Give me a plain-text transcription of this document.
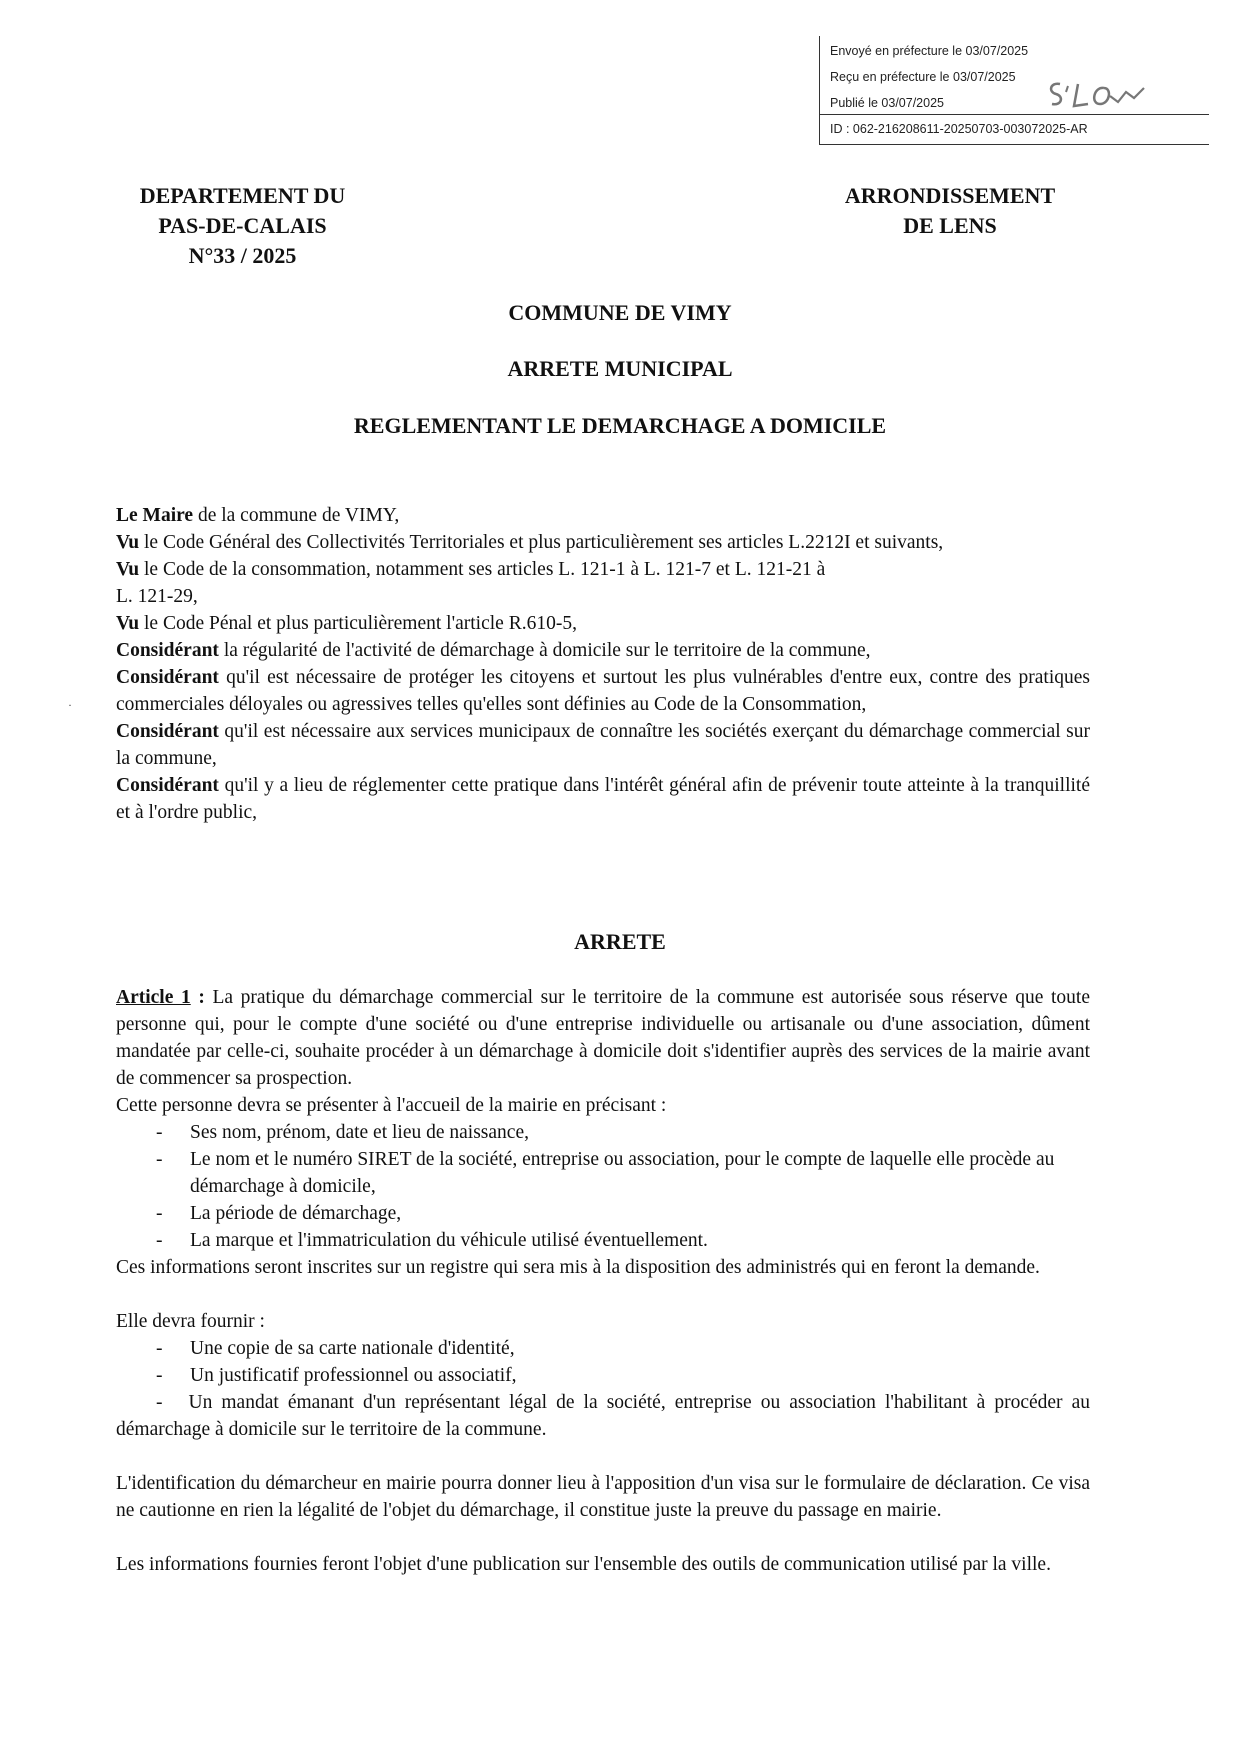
Envoyé en préfecture le 03/07/2025
Reçu en préfecture le 03/07/2025
Publié le 03/07/2025
ID : 062-216208611-20250703-003072025-AR
DEPARTEMENT DU
PAS-DE-CALAIS
N°33 / 2025
ARRONDISSEMENT
DE LENS
COMMUNE DE VIMY
ARRETE MUNICIPAL
REGLEMENTANT LE DEMARCHAGE A DOMICILE
·

Le Maire de la commune de VIMY,

Vu le Code Général des Collectivités Territoriales et plus particulièrement ses articles L.2212I et suivants,

Vu le Code de la consommation, notamment ses articles L. 121-1 à L. 121-7 et L. 121-21 à

L. 121-29,

Vu le Code Pénal et plus particulièrement l'article R.610-5,

Considérant la régularité de l'activité de démarchage à domicile sur le territoire de la commune,

Considérant qu'il est nécessaire de protéger les citoyens et surtout les plus vulnérables d'entre eux, contre des pratiques commerciales déloyales ou agressives telles qu'elles sont définies au Code de la Consommation,

Considérant qu'il est nécessaire aux services municipaux de connaître les sociétés exerçant du démarchage commercial sur la commune,

Considérant qu'il y a lieu de réglementer cette pratique dans l'intérêt général afin de prévenir toute atteinte à la tranquillité et à l'ordre public,

ARRETE

Article 1 : La pratique du démarchage commercial sur le territoire de la commune est autorisée sous réserve que toute personne qui, pour le compte d'une société ou d'une entreprise individuelle ou artisanale ou d'une association, dûment mandatée par celle-ci, souhaite procéder à un démarchage à domicile doit s'identifier auprès des services de la mairie avant de commencer sa prospection.

Cette personne devra se présenter à l'accueil de la mairie en précisant :

- Ses nom, prénom, date et lieu de naissance,
- Le nom et le numéro SIRET de la société, entreprise ou association, pour le compte de laquelle elle procède au démarchage à domicile,
- La période de démarchage,
- La marque et l'immatriculation du véhicule utilisé éventuellement.

Ces informations seront inscrites sur un registre qui sera mis à la disposition des administrés qui en feront la demande.

Elle devra fournir :

- Une copie de sa carte nationale d'identité,
- Un justificatif professionnel ou associatif,

- Un mandat émanant d'un représentant légal de la société, entreprise ou association l'habilitant à procéder au démarchage à domicile sur le territoire de la commune.

L'identification du démarcheur en mairie pourra donner lieu à l'apposition d'un visa sur le formulaire de déclaration. Ce visa ne cautionne en rien la légalité de l'objet du démarchage, il constitue juste la preuve du passage en mairie.

Les informations fournies feront l'objet d'une publication sur l'ensemble des outils de communication utilisé par la ville.
